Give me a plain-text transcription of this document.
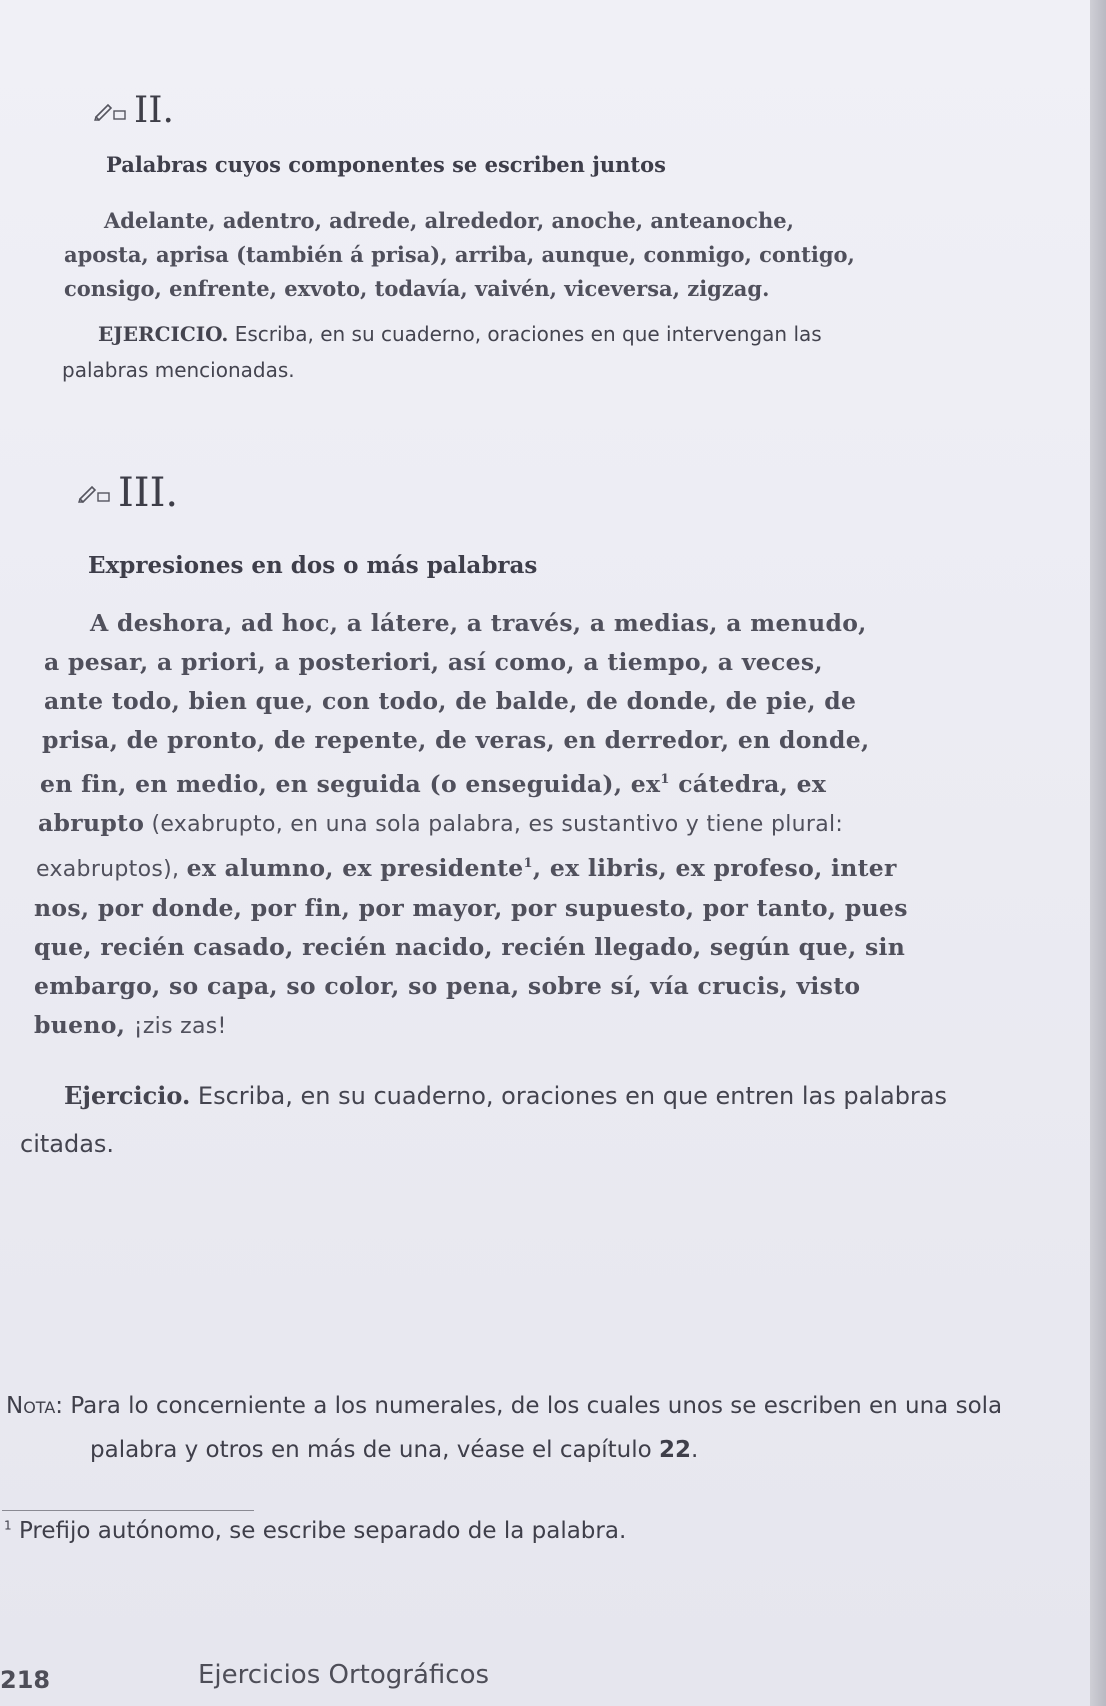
II.
Palabras cuyos componentes se escriben juntos
Adelante, adentro, adrede, alrededor, anoche, anteanoche,
aposta, aprisa (también á prisa), arriba, aunque, conmigo, contigo,
consigo, enfrente, exvoto, todavía, vaivén, viceversa, zigzag.
EJERCICIO. Escriba, en su cuaderno, oraciones en que intervengan las
palabras mencionadas.
III.
Expresiones en dos o más palabras
A deshora, ad hoc, a látere, a través, a medias, a menudo,
a pesar, a priori, a posteriori, así como, a tiempo, a veces,
ante todo, bien que, con todo, de balde, de donde, de pie, de
prisa, de pronto, de repente, de veras, en derredor, en donde,
en fin, en medio, en seguida (o enseguida), $ex^1$ cátedra, ex
abrupto (exabrupto, en una sola palabra, es sustantivo y tiene plural:
exabruptos), ex alumno, ex presidente$^1$, ex libris, ex profeso, inter
nos, por donde, por fin, por mayor, por supuesto, por tanto, pues
que, recién casado, recién nacido, recién llegado, según que, sin
embargo, so capa, so color, so pena, sobre sí, vía crucis, visto
bueno, ¡zis zas!
Ejercicio. Escriba, en su cuaderno, oraciones en que entren las palabras
citadas.
Nota: Para lo concerniente a los numerales, de los cuales unos se escriben en una sola
palabra y otros en más de una, véase el capítulo 22.
$^1$ Prefijo autónomo, se escribe separado de la palabra.
218	Ejercicios Ortográficos
